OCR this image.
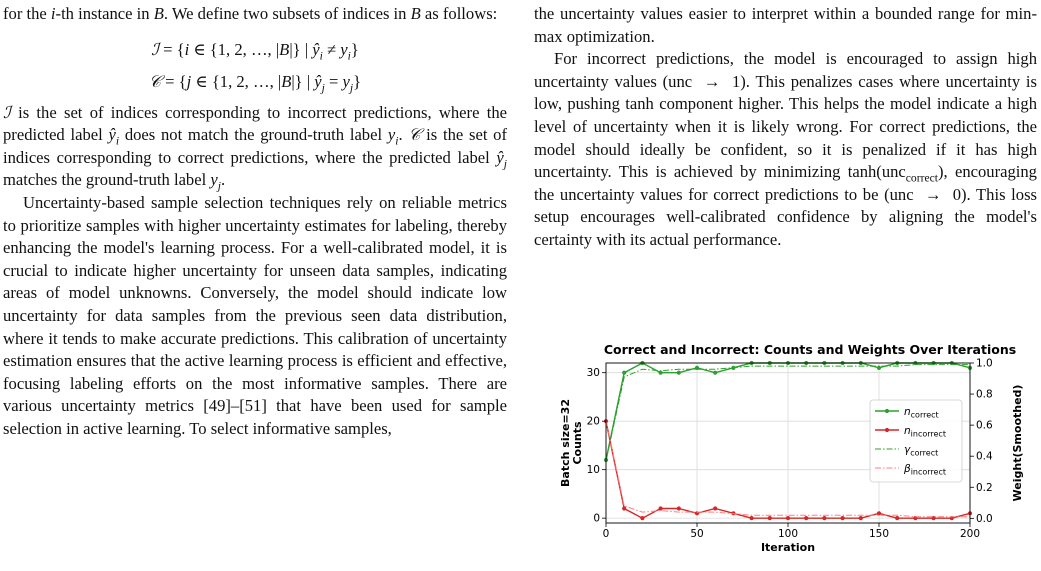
for the i-th instance in B. We define two subsets of indices in B as follows:

ℐ = {i ∈ {1, 2, …, |B|} | $ŷ_i \ne y_i$}
𝒞 = {j ∈ {1, 2, …, |B|} | $ŷ_j = y_j$}

ℐ is the set of indices corresponding to incorrect predictions, where the predicted label $ŷ_i$ does not match the ground-truth label $y_i$. 𝒞 is the set of indices corresponding to correct predictions, where the predicted label $ŷ_j$ matches the ground-truth label $y_j$.

Uncertainty-based sample selection techniques rely on reliable metrics to prioritize samples with higher uncertainty estimates for labeling, thereby enhancing the model's learning process. For a well-calibrated model, it is crucial to indicate higher uncertainty for unseen data samples, indicating areas of model unknowns. Conversely, the model should indicate low uncertainty for data samples from the previous seen data distribution, where it tends to make accurate predictions. This calibration of uncertainty estimation ensures that the active learning process is efficient and effective, focusing labeling efforts on the most informative samples. There are various uncertainty metrics [49]–[51] that have been used for sample selection in active learning. To select informative samples,

the uncertainty values easier to interpret within a bounded range for min-max optimization.

For incorrect predictions, the model is encouraged to assign high uncertainty values (unc  →  1). This penalizes cases where uncertainty is low, pushing tanh component higher. This helps the model indicate a high level of uncertainty when it is likely wrong. For correct predictions, the model should ideally be confident, so it is penalized if it has high uncertainty. This is achieved by minimizing tanh(unc$_{correct}$), encouraging the uncertainty values for correct predictions to be (unc  →  0). This loss setup encourages well-calibrated confidence by aligning the model's certainty with its actual performance.

Correct and Incorrect: Counts and Weights Over Iterations
0	50	100	150	200
0
10
20
30
0.0
0.2
0.4
0.6
0.8
1.0
Iteration
Batch size=32Counts	Weight(Smoothed)
$n_{correct}$
$n_{incorrect}$
$\gamma_{correct}$
$\beta_{incorrect}$
